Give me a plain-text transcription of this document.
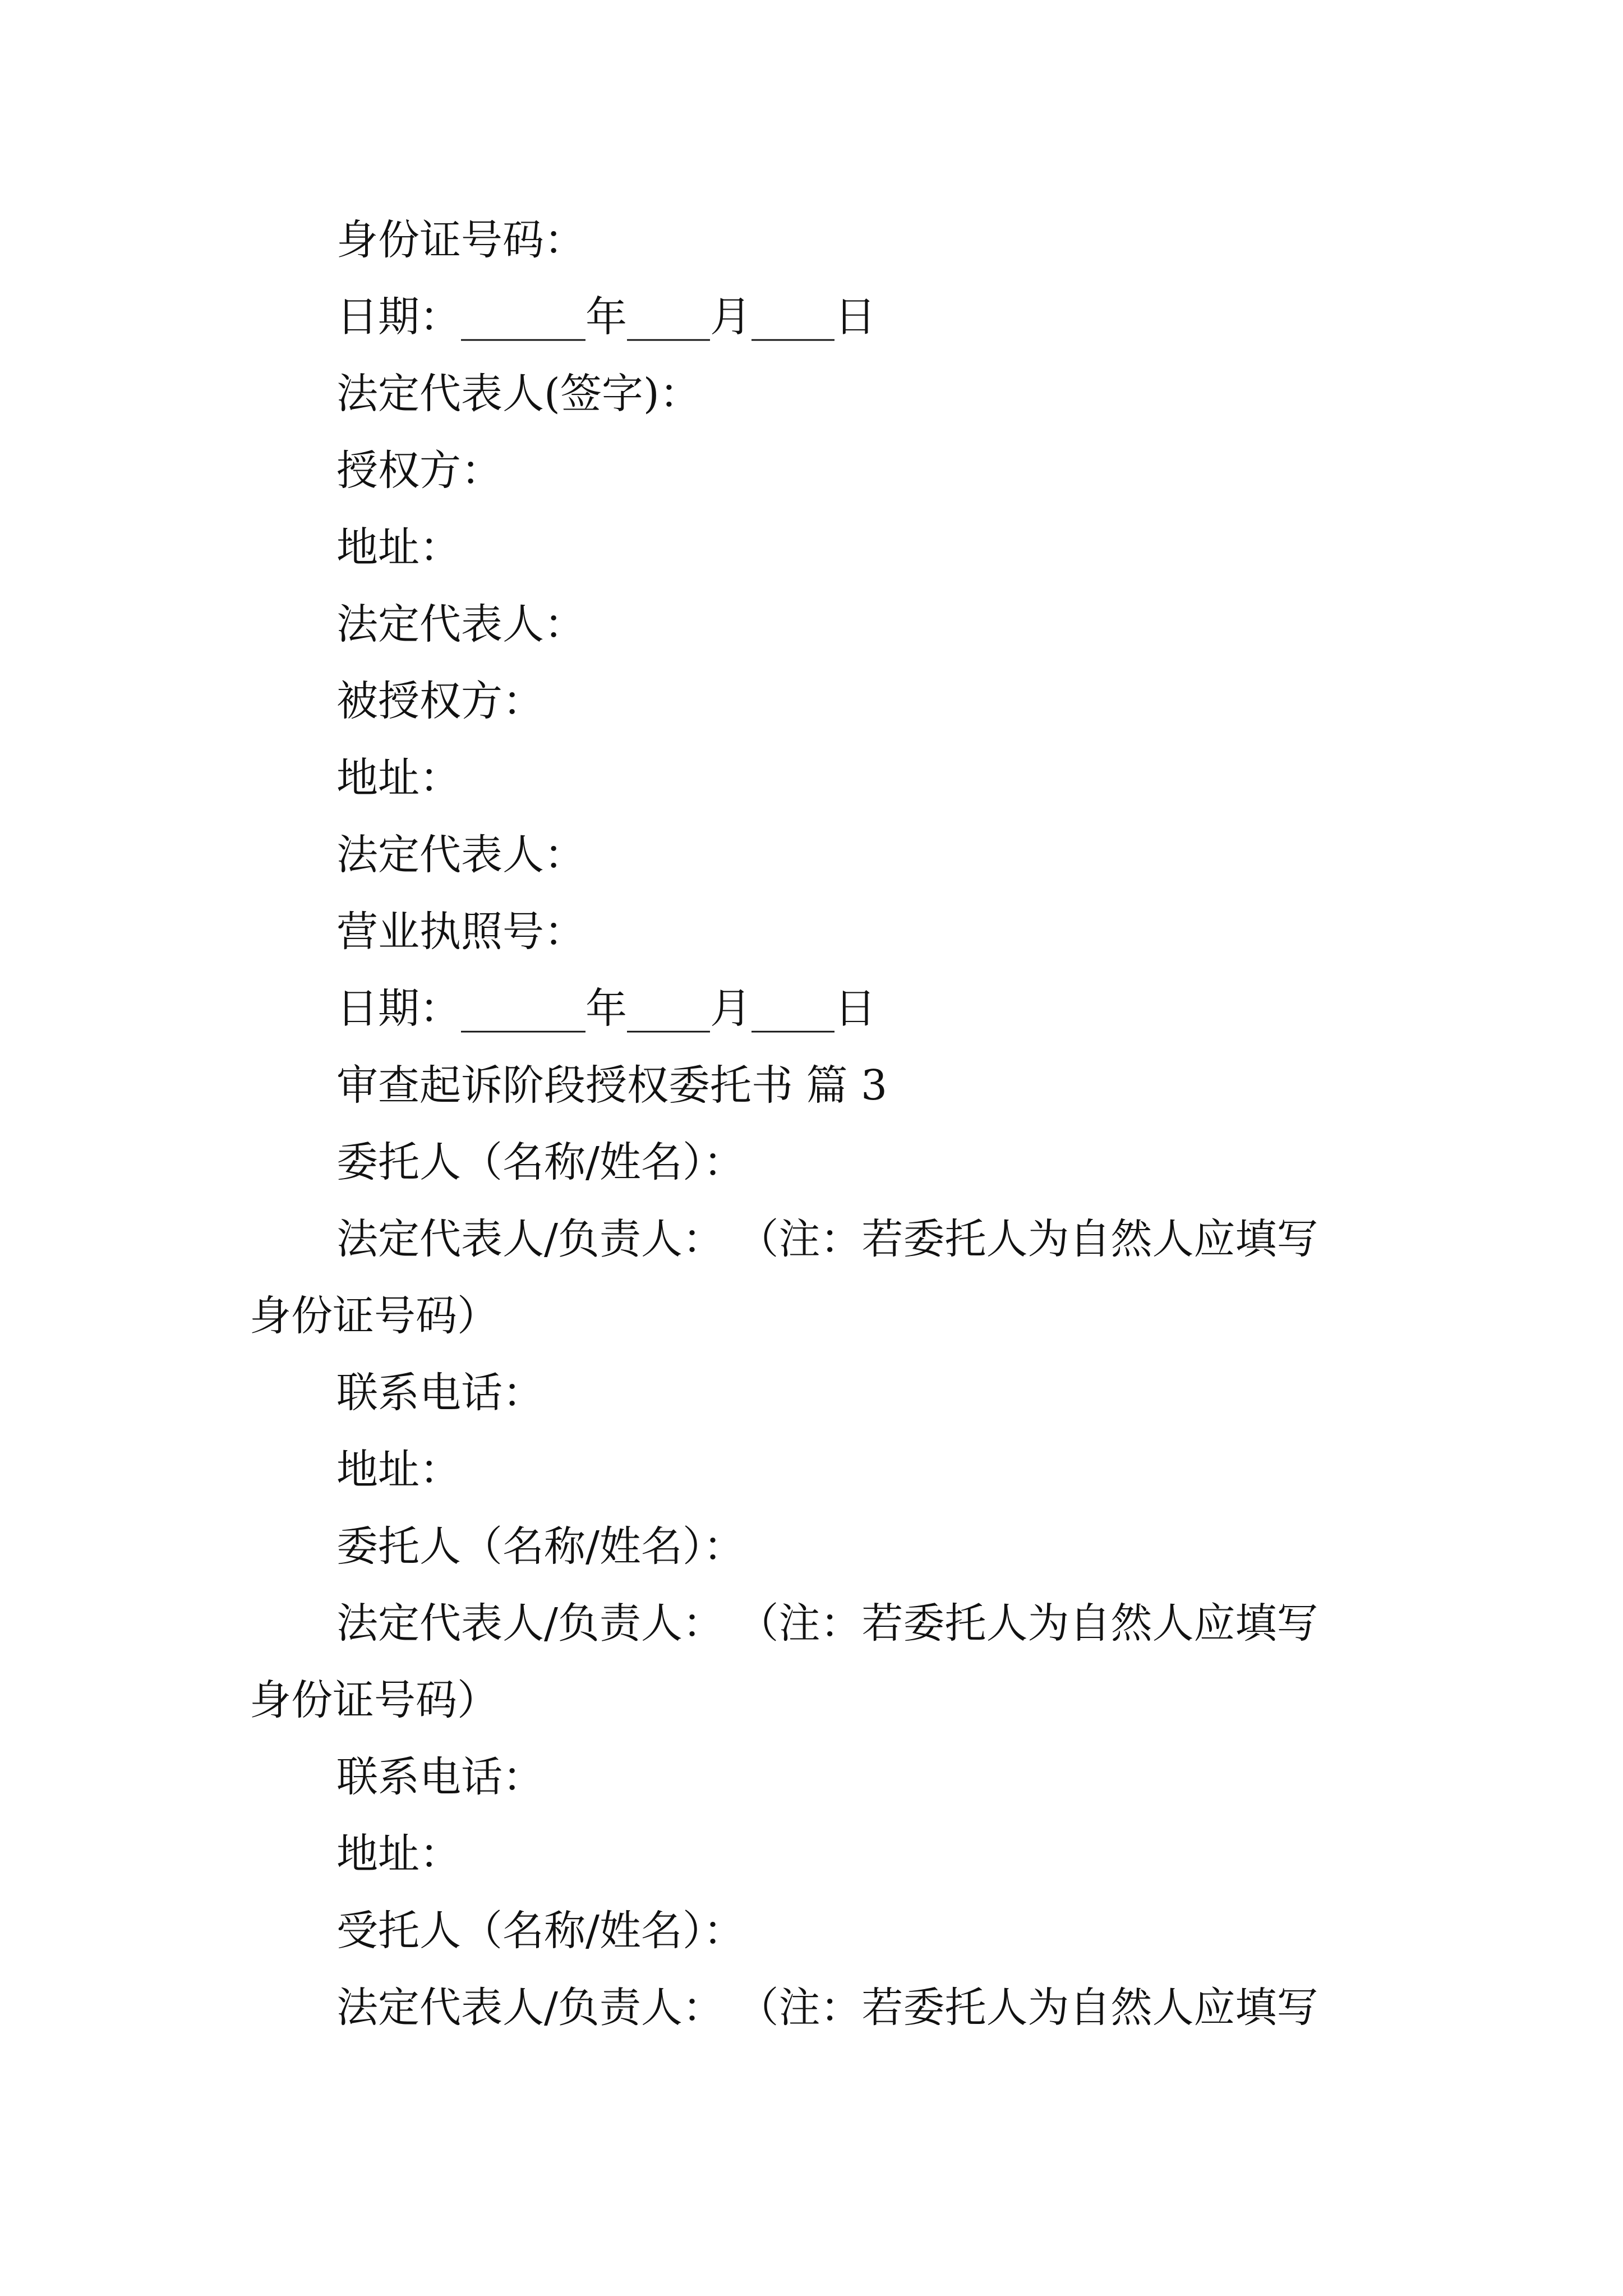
身份证号码：
日期：______年____月____日
法定代表人(签字)：
授权方：
地址：
法定代表人：
被授权方：
地址：
法定代表人：
营业执照号：
日期：______年____月____日
审查起诉阶段授权委托书 篇 3
委托人（名称/姓名）：
法定代表人/负责人： （注：若委托人为自然人应填写
身份证号码）
联系电话：
地址：
委托人（名称/姓名）：
法定代表人/负责人： （注：若委托人为自然人应填写
身份证号码）
联系电话：
地址：
受托人（名称/姓名）：
法定代表人/负责人： （注：若委托人为自然人应填写
